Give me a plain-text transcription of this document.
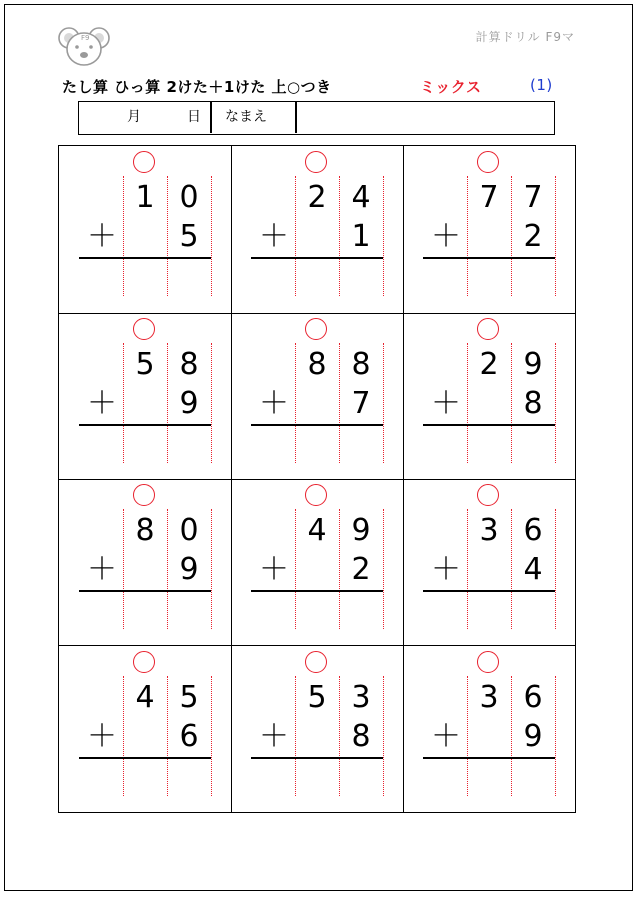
F9	計算ドリル F9マ
たし算 ひっ算 2けた＋1けた 上○つき	ミックス	(1)
月	日 なまえ
1 0
＋	5
2 4
＋	1
7 7
＋	2
5 8
＋	9
8 8
＋	7
2 9
＋	8
8 0
＋	9
4 9
＋	2
3 6
＋	4
4 5
＋	6
5 3
＋	8
3 6
＋	9
